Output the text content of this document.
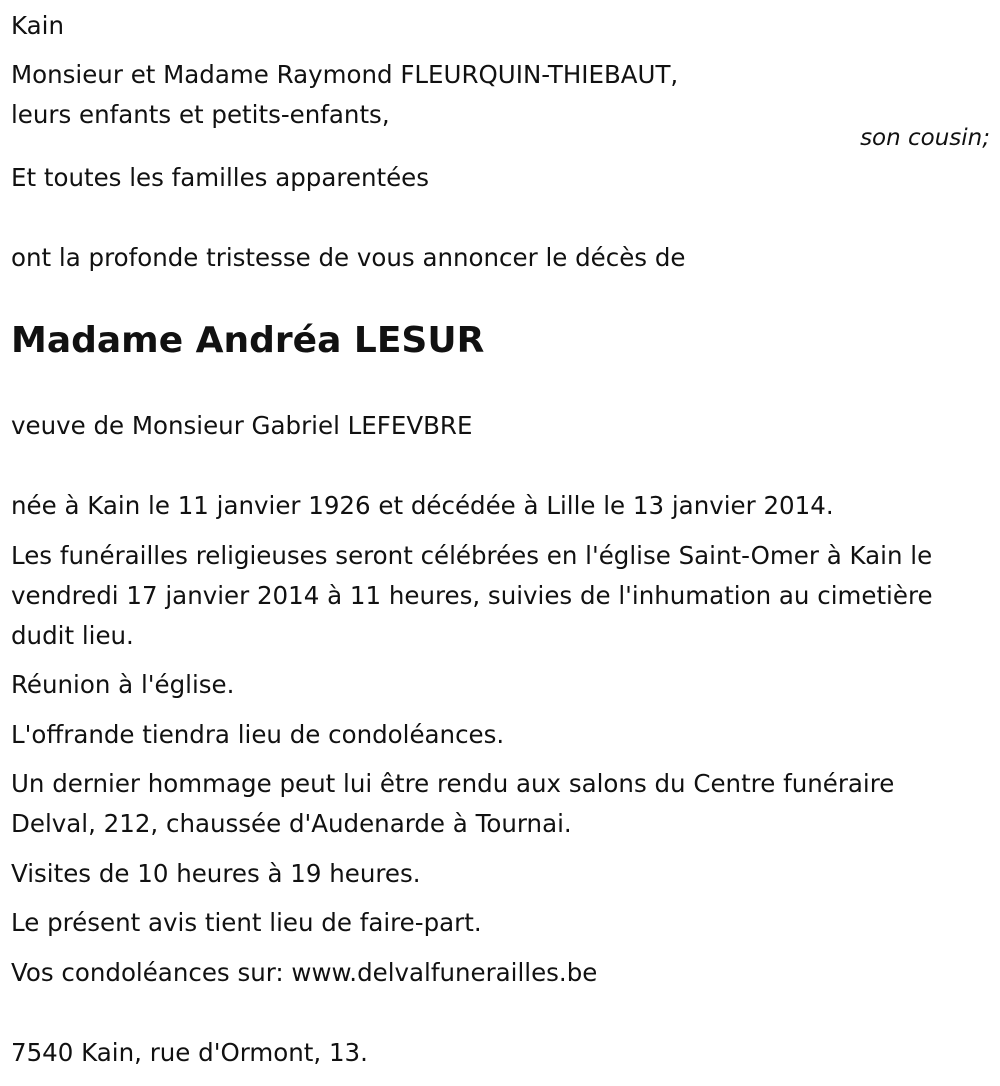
Kain
Monsieur et Madame Raymond FLEURQUIN-THIEBAUT,
leurs enfants et petits-enfants,
son cousin;
Et toutes les familles apparentées
ont la profonde tristesse de vous annoncer le décès de
Madame Andréa LESUR
veuve de Monsieur Gabriel LEFEVBRE
née à Kain le 11 janvier 1926 et décédée à Lille le 13 janvier 2014.
Les funérailles religieuses seront célébrées en l'église Saint-Omer à Kain le vendredi 17 janvier 2014 à 11 heures, suivies de l'inhumation au cimetière dudit lieu.
Réunion à l'église.
L'offrande tiendra lieu de condoléances.
Un dernier hommage peut lui être rendu aux salons du Centre funéraire Delval, 212, chaussée d'Audenarde à Tournai.
Visites de 10 heures à 19 heures.
Le présent avis tient lieu de faire-part.
Vos condoléances sur: www.delvalfunerailles.be
7540 Kain, rue d'Ormont, 13.
